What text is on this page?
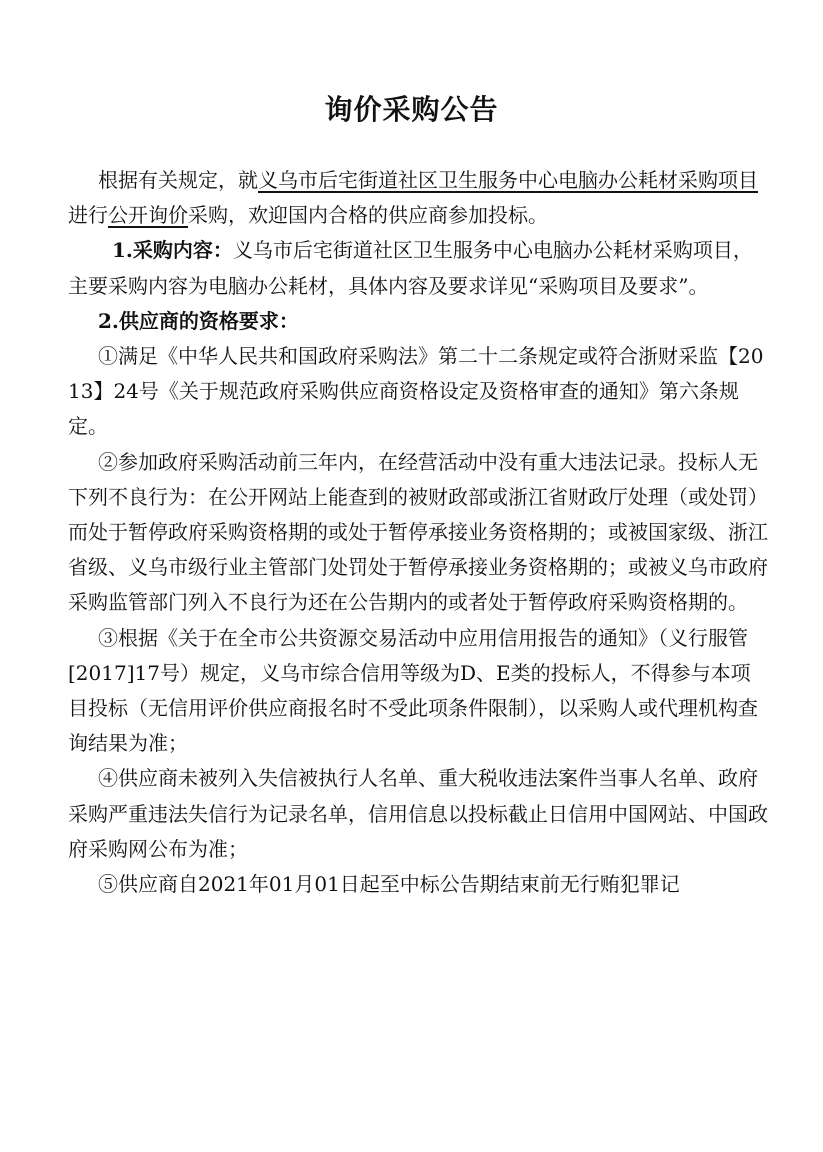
询价采购公告

根据有关规定，就义乌市后宅街道社区卫生服务中心电脑办公耗材采购项目进行公开询价采购，欢迎国内合格的供应商参加投标。

1.采购内容：义乌市后宅街道社区卫生服务中心电脑办公耗材采购项目，主要采购内容为电脑办公耗材，具体内容及要求详见“采购项目及要求”。

2.供应商的资格要求：

①满足《中华人民共和国政府采购法》第二十二条规定或符合浙财采监【2013】24号《关于规范政府采购供应商资格设定及资格审查的通知》第六条规定。

②参加政府采购活动前三年内，在经营活动中没有重大违法记录。投标人无下列不良行为：在公开网站上能查到的被财政部或浙江省财政厅处理（或处罚）而处于暂停政府采购资格期的或处于暂停承接业务资格期的；或被国家级、浙江省级、义乌市级行业主管部门处罚处于暂停承接业务资格期的；或被义乌市政府采购监管部门列入不良行为还在公告期内的或者处于暂停政府采购资格期的。

③根据《关于在全市公共资源交易活动中应用信用报告的通知》（义行服管[2017]17号）规定，义乌市综合信用等级为D、E类的投标人，不得参与本项目投标（无信用评价供应商报名时不受此项条件限制），以采购人或代理机构查询结果为准；

④供应商未被列入失信被执行人名单、重大税收违法案件当事人名单、政府采购严重违法失信行为记录名单，信用信息以投标截止日信用中国网站、中国政府采购网公布为准；

⑤供应商自2021年01月01日起至中标公告期结束前无行贿犯罪记
